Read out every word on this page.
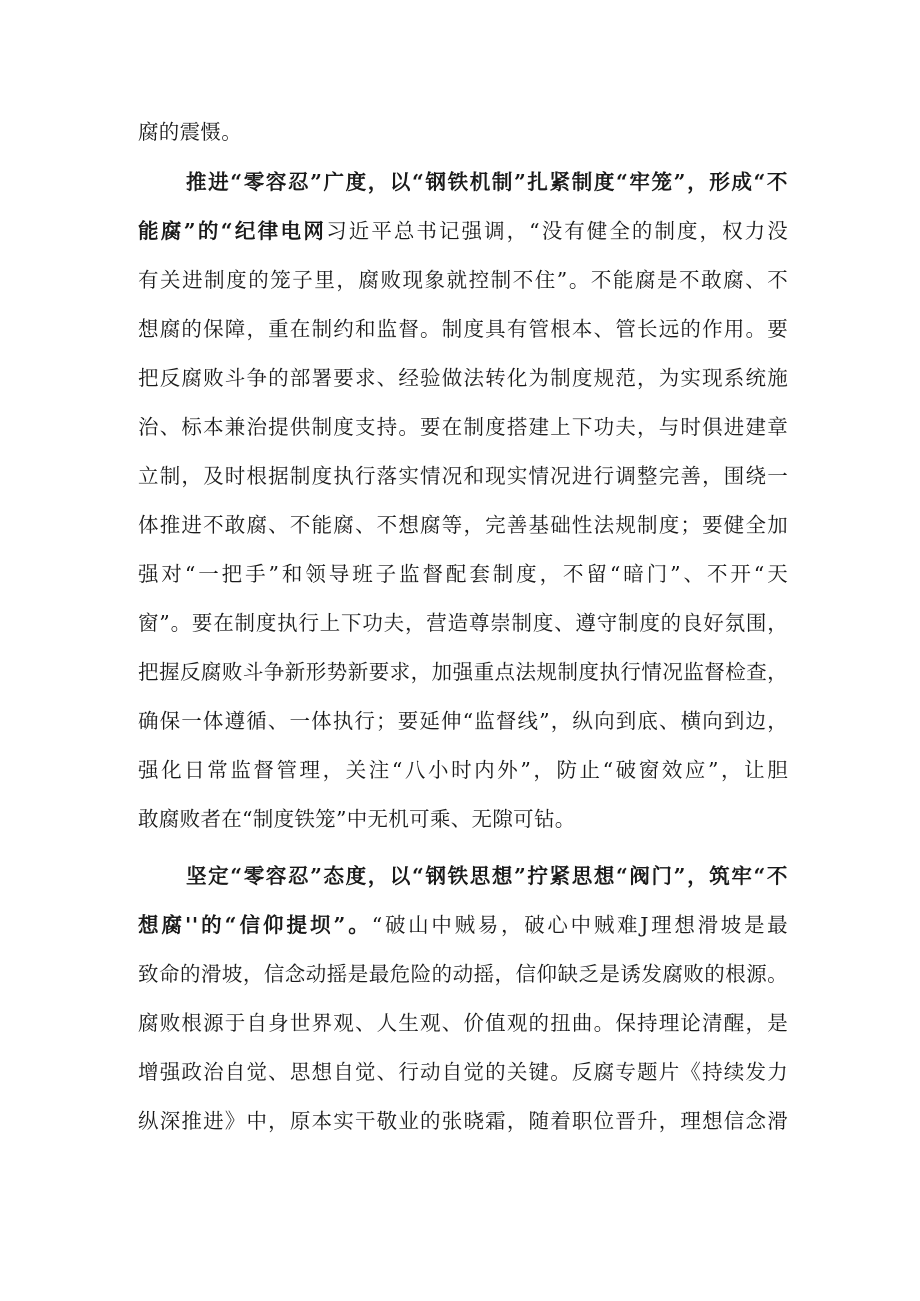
腐的震慑。
推进“零容忍”广度，以“钢铁机制”扎紧制度“牢笼”，形成“不
能腐”的“纪律电网习近平总书记强调，“没有健全的制度，权力没
有关进制度的笼子里，腐败现象就控制不住”。不能腐是不敢腐、不
想腐的保障，重在制约和监督。制度具有管根本、管长远的作用。要
把反腐败斗争的部署要求、经验做法转化为制度规范，为实现系统施
治、标本兼治提供制度支持。要在制度搭建上下功夫，与时俱进建章
立制，及时根据制度执行落实情况和现实情况进行调整完善，围绕一
体推进不敢腐、不能腐、不想腐等，完善基础性法规制度；要健全加
强对“一把手”和领导班子监督配套制度，不留“暗门”、不开“天
窗”。要在制度执行上下功夫，营造尊崇制度、遵守制度的良好氛围，
把握反腐败斗争新形势新要求，加强重点法规制度执行情况监督检查，
确保一体遵循、一体执行；要延伸“监督线”，纵向到底、横向到边，
强化日常监督管理，关注“八小时内外”，防止“破窗效应”，让胆
敢腐败者在“制度铁笼”中无机可乘、无隙可钻。
坚定“零容忍”态度，以“钢铁思想”拧紧思想“阀门”，筑牢“不
想腐''的“信仰提坝”。“破山中贼易，破心中贼难J理想滑坡是最
致命的滑坡，信念动摇是最危险的动摇，信仰缺乏是诱发腐败的根源。
腐败根源于自身世界观、人生观、价值观的扭曲。保持理论清醒，是
增强政治自觉、思想自觉、行动自觉的关键。反腐专题片《持续发力
纵深推进》中，原本实干敬业的张晓霜，随着职位晋升，理想信念滑
